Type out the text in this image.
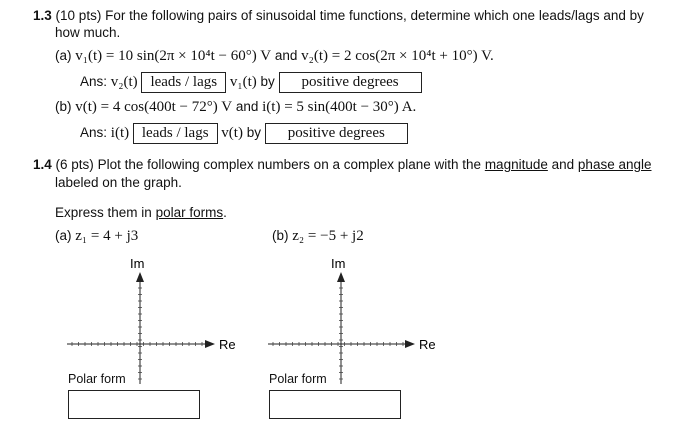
1.3 (10 pts) For the following pairs of sinusoidal time functions, determine which one leads/lags and by
how much.
(a) v₁(t) = 10 sin(2π × 10⁴t − 60°) V and v₂(t) = 2 cos(2π × 10⁴t + 10°) V.
Ans: v₂(t) leads / lags v₁(t) by positive degrees
(b) v(t) = 4 cos(400t − 72°) V and i(t) = 5 sin(400t − 30°) A.
Ans: i(t) leads / lags v(t) by positive degrees
1.4 (6 pts) Plot the following complex numbers on a complex plane with the magnitude and phase angle
labeled on the graph.
Express them in polar forms.
(a) z₁ = 4 + j3	(b) z₂ = −5 + j2
Im
Re
Im
Re
Polar form	Polar form
